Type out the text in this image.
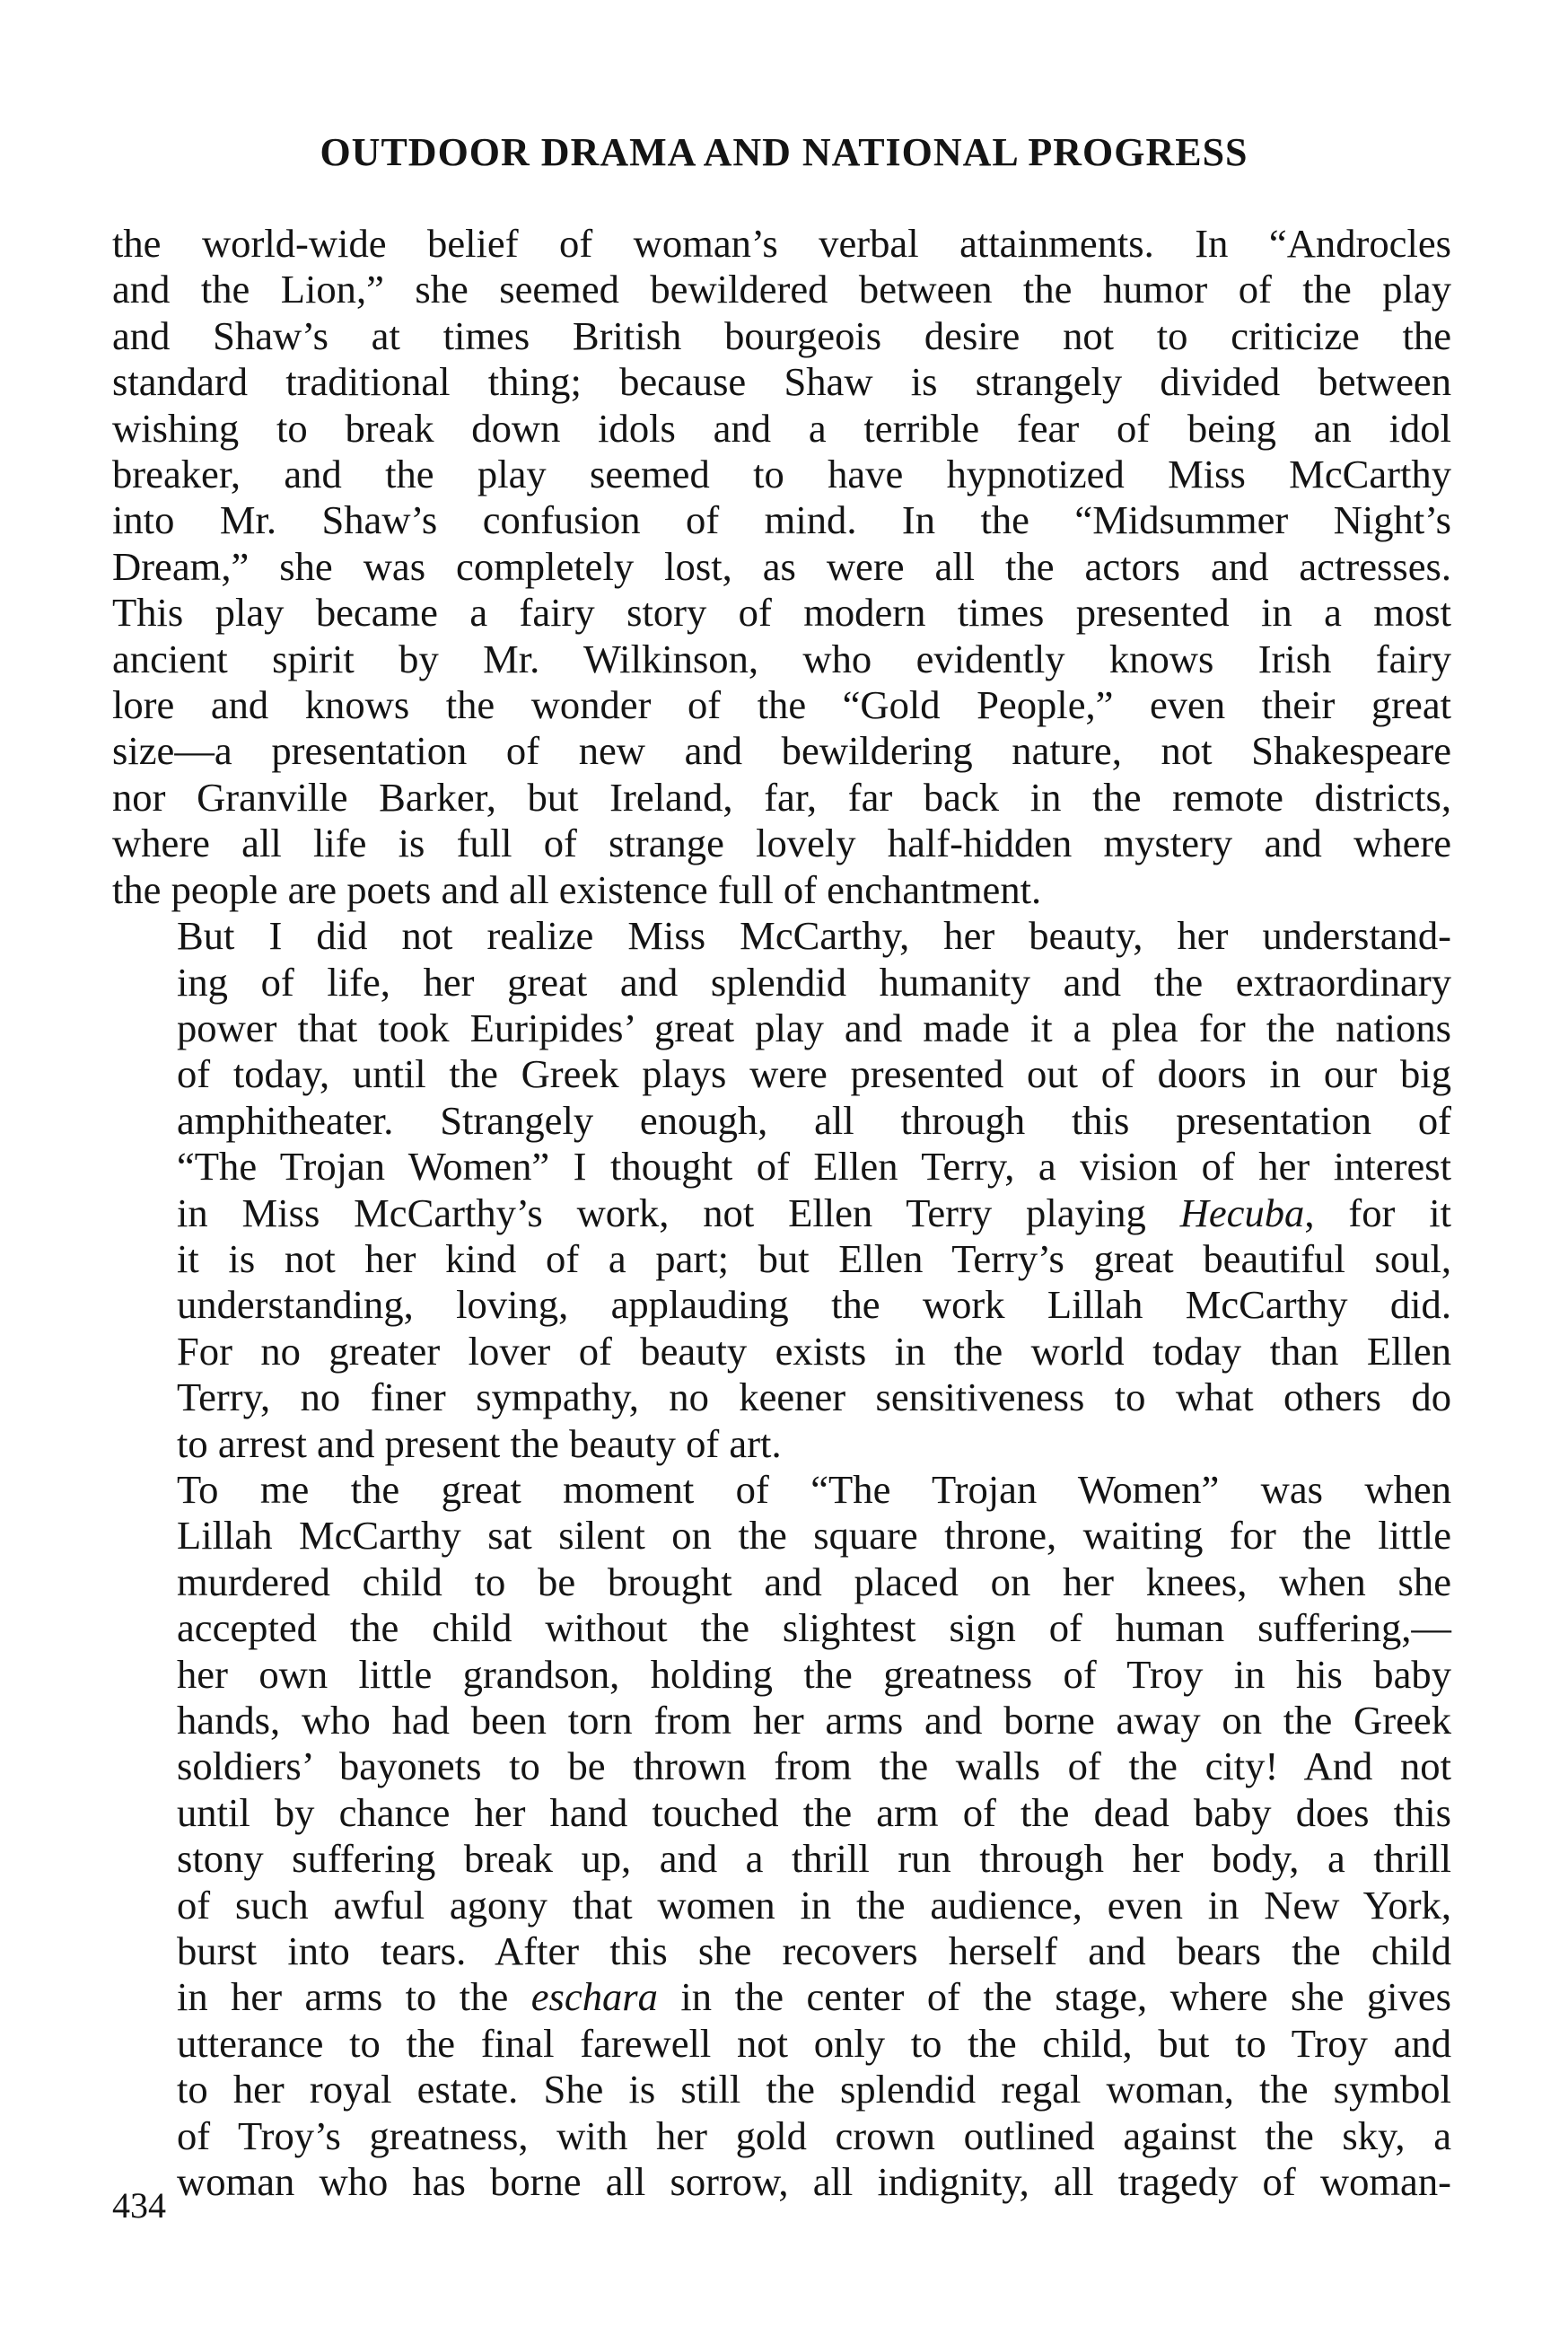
OUTDOOR DRAMA AND NATIONAL PROGRESS

the world-wide belief of woman’s verbal attainments. In “Androcles
and the Lion,” she seemed bewildered between the humor of the play
and Shaw’s at times British bourgeois desire not to criticize the
standard traditional thing; because Shaw is strangely divided between
wishing to break down idols and a terrible fear of being an idol
breaker, and the play seemed to have hypnotized Miss McCarthy
into Mr. Shaw’s confusion of mind. In the “Midsummer Night’s
Dream,” she was completely lost, as were all the actors and actresses.
This play became a fairy story of modern times presented in a most
ancient spirit by Mr. Wilkinson, who evidently knows Irish fairy
lore and knows the wonder of the “Gold People,” even their great
size—a presentation of new and bewildering nature, not Shakespeare
nor Granville Barker, but Ireland, far, far back in the remote districts,
where all life is full of strange lovely half-hidden mystery and where
the people are poets and all existence full of enchantment.

But I did not realize Miss McCarthy, her beauty, her understand-
ing of life, her great and splendid humanity and the extraordinary
power that took Euripides’ great play and made it a plea for the nations
of today, until the Greek plays were presented out of doors in our big
amphitheater. Strangely enough, all through this presentation of
“The Trojan Women” I thought of Ellen Terry, a vision of her interest
in Miss McCarthy’s work, not Ellen Terry playing Hecuba, for it
it is not her kind of a part; but Ellen Terry’s great beautiful soul,
understanding, loving, applauding the work Lillah McCarthy did.
For no greater lover of beauty exists in the world today than Ellen
Terry, no finer sympathy, no keener sensitiveness to what others do
to arrest and present the beauty of art.

To me the great moment of “The Trojan Women” was when
Lillah McCarthy sat silent on the square throne, waiting for the little
murdered child to be brought and placed on her knees, when she
accepted the child without the slightest sign of human suffering,—
her own little grandson, holding the greatness of Troy in his baby
hands, who had been torn from her arms and borne away on the Greek
soldiers’ bayonets to be thrown from the walls of the city! And not
until by chance her hand touched the arm of the dead baby does this
stony suffering break up, and a thrill run through her body, a thrill
of such awful agony that women in the audience, even in New York,
burst into tears. After this she recovers herself and bears the child
in her arms to the eschara in the center of the stage, where she gives
utterance to the final farewell not only to the child, but to Troy and
to her royal estate. She is still the splendid regal woman, the symbol
of Troy’s greatness, with her gold crown outlined against the sky, a
woman who has borne all sorrow, all indignity, all tragedy of woman-

434
